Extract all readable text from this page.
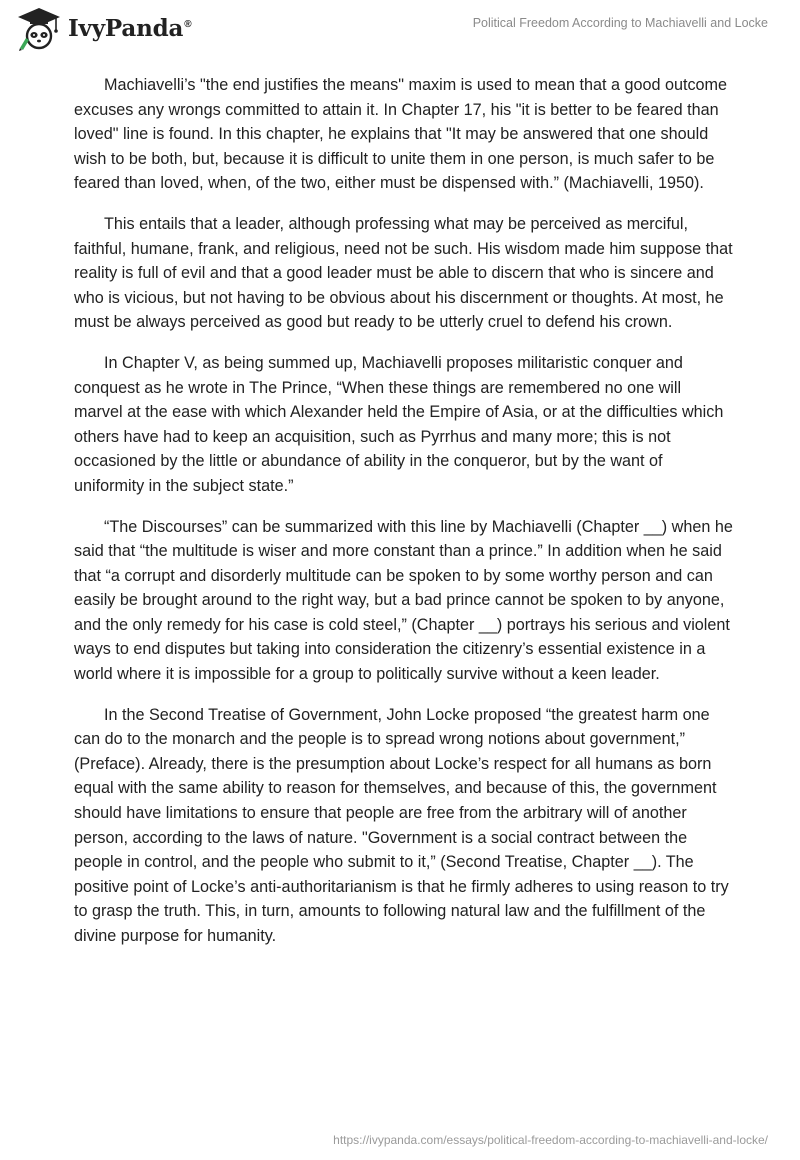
IvyPanda®	Political Freedom According to Machiavelli and Locke

Machiavelli’s "the end justifies the means" maxim is used to mean that a good outcome excuses any wrongs committed to attain it. In Chapter 17, his "it is better to be feared than loved" line is found. In this chapter, he explains that "It may be answered that one should wish to be both, but, because it is difficult to unite them in one person, is much safer to be feared than loved, when, of the two, either must be dispensed with.” (Machiavelli, 1950).

This entails that a leader, although professing what may be perceived as merciful, faithful, humane, frank, and religious, need not be such. His wisdom made him suppose that reality is full of evil and that a good leader must be able to discern that who is sincere and who is vicious, but not having to be obvious about his discernment or thoughts. At most, he must be always perceived as good but ready to be utterly cruel to defend his crown.

In Chapter V, as being summed up, Machiavelli proposes militaristic conquer and conquest as he wrote in The Prince, “When these things are remembered no one will marvel at the ease with which Alexander held the Empire of Asia, or at the difficulties which others have had to keep an acquisition, such as Pyrrhus and many more; this is not occasioned by the little or abundance of ability in the conqueror, but by the want of uniformity in the subject state.”

“The Discourses” can be summarized with this line by Machiavelli (Chapter __) when he said that “the multitude is wiser and more constant than a prince.” In addition when he said that “a corrupt and disorderly multitude can be spoken to by some worthy person and can easily be brought around to the right way, but a bad prince cannot be spoken to by anyone, and the only remedy for his case is cold steel,” (Chapter __) portrays his serious and violent ways to end disputes but taking into consideration the citizenry’s essential existence in a world where it is impossible for a group to politically survive without a keen leader.

In the Second Treatise of Government, John Locke proposed “the greatest harm one can do to the monarch and the people is to spread wrong notions about government,” (Preface). Already, there is the presumption about Locke’s respect for all humans as born equal with the same ability to reason for themselves, and because of this, the government should have limitations to ensure that people are free from the arbitrary will of another person, according to the laws of nature. "Government is a social contract between the people in control, and the people who submit to it,” (Second Treatise, Chapter __). The positive point of Locke’s anti-authoritarianism is that he firmly adheres to using reason to try to grasp the truth. This, in turn, amounts to following natural law and the fulfillment of the divine purpose for humanity.

https://ivypanda.com/essays/political-freedom-according-to-machiavelli-and-locke/
